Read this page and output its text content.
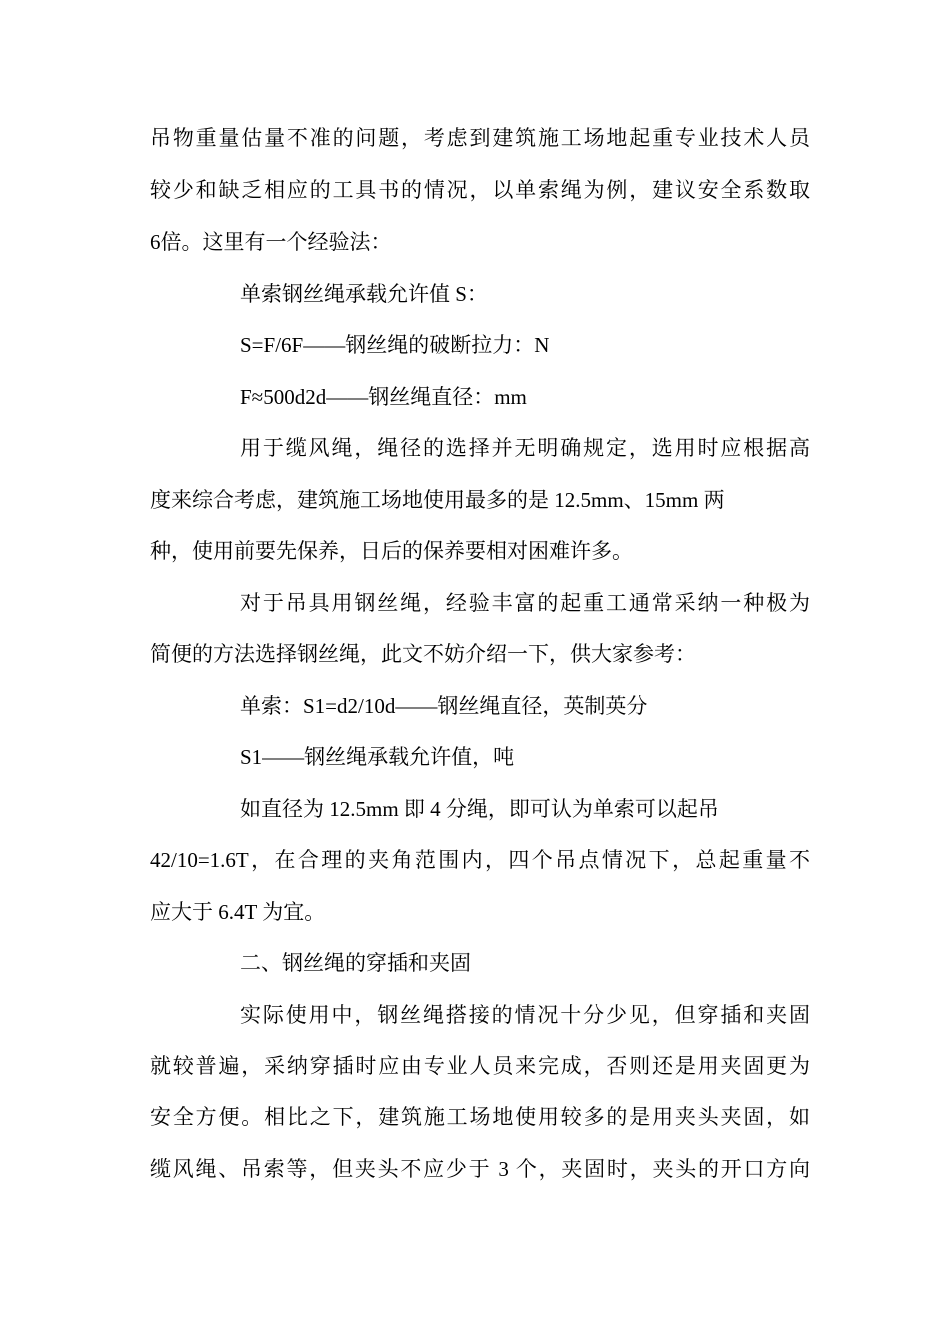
吊物重量估量不准的问题，考虑到建筑施工场地起重专业技术人员
较少和缺乏相应的工具书的情况，以单索绳为例，建议安全系数取
6倍。这里有一个经验法：
单索钢丝绳承载允许值 S：
S=F/6F——钢丝绳的破断拉力：N
F≈500d2d——钢丝绳直径：mm
用于缆风绳，绳径的选择并无明确规定，选用时应根据高
度来综合考虑，建筑施工场地使用最多的是 12.5mm、15mm 两
种，使用前要先保养，日后的保养要相对困难许多。
对于吊具用钢丝绳，经验丰富的起重工通常采纳一种极为
简便的方法选择钢丝绳，此文不妨介绍一下，供大家参考：
单索：S1=d2/10d——钢丝绳直径，英制英分
S1——钢丝绳承载允许值，吨
如直径为 12.5mm 即 4 分绳，即可认为单索可以起吊
42/10=1.6T，在合理的夹角范围内，四个吊点情况下，总起重量不
应大于 6.4T 为宜。
二、钢丝绳的穿插和夹固
实际使用中，钢丝绳搭接的情况十分少见，但穿插和夹固
就较普遍，采纳穿插时应由专业人员来完成，否则还是用夹固更为
安全方便。相比之下，建筑施工场地使用较多的是用夹头夹固，如
缆风绳、吊索等，但夹头不应少于 3 个，夹固时，夹头的开口方向
